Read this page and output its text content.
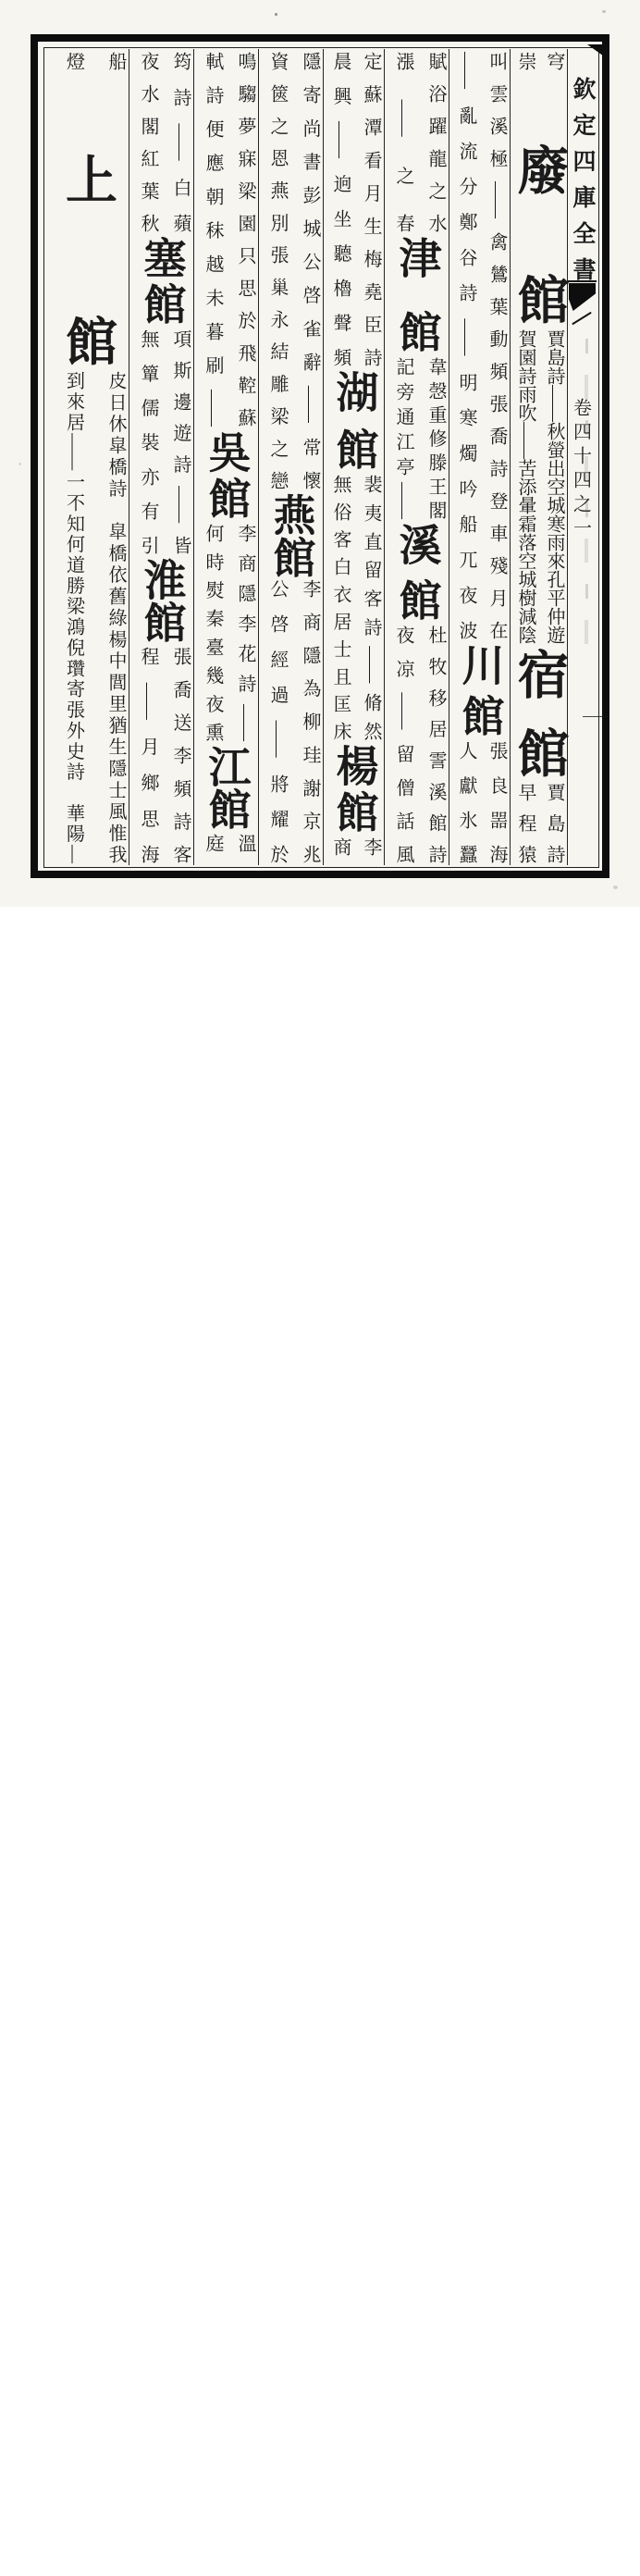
欽定四庫全書
卷四十四之一
穹
崇
廢館
賈島詩――秋螢出空城寒雨來孔平仲遊
賀園詩雨吹――苦添暈霜落空城樹減陰
宿館
賈島詩
早程猿
叫雲溪極――禽鷥葉動頻張喬詩登車殘月在
――亂流分鄭谷詩――明寒燭吟船兀夜波
川館
張良噐海
人獻氷蠶
賦浴躍龍之水
漲――之春
津館
韋愨重修滕王閣
記旁通江亭――
溪館
杜牧移居霅溪館詩
夜凉――留僧話風
定蘇潭看月生梅堯臣詩
晨興――逈坐聽櫓聲頻
湖館
裴夷直留客詩――脩然
無俗客白衣居士且匡床
楊館
李
商
隱寄尚書彭城公啓雀辭――常懷
資篋之恩燕別張巢永結雕梁之戀
燕館
李商隱為柳珪謝京兆
公啓經過――將耀於
鳴騶夢寐梁園只思於飛鞚蘇
軾詩便應朝秣越未暮刷――
吳館
李商隱李花詩――
何時熨秦臺幾夜熏
江館
溫
庭
筠詩――白蘋
夜水閣紅葉秋
塞館
項斯邊遊詩――皆
無簞儒裝亦有引
淮館
張喬送李頻詩客
程――月鄉思海
船
燈
上館
皮日休皐橋詩　皐橋依舊綠楊中閭里猶生隱士風惟我
到來居――一不知何道勝梁鴻倪瓚寄張外史詩　華陽―
